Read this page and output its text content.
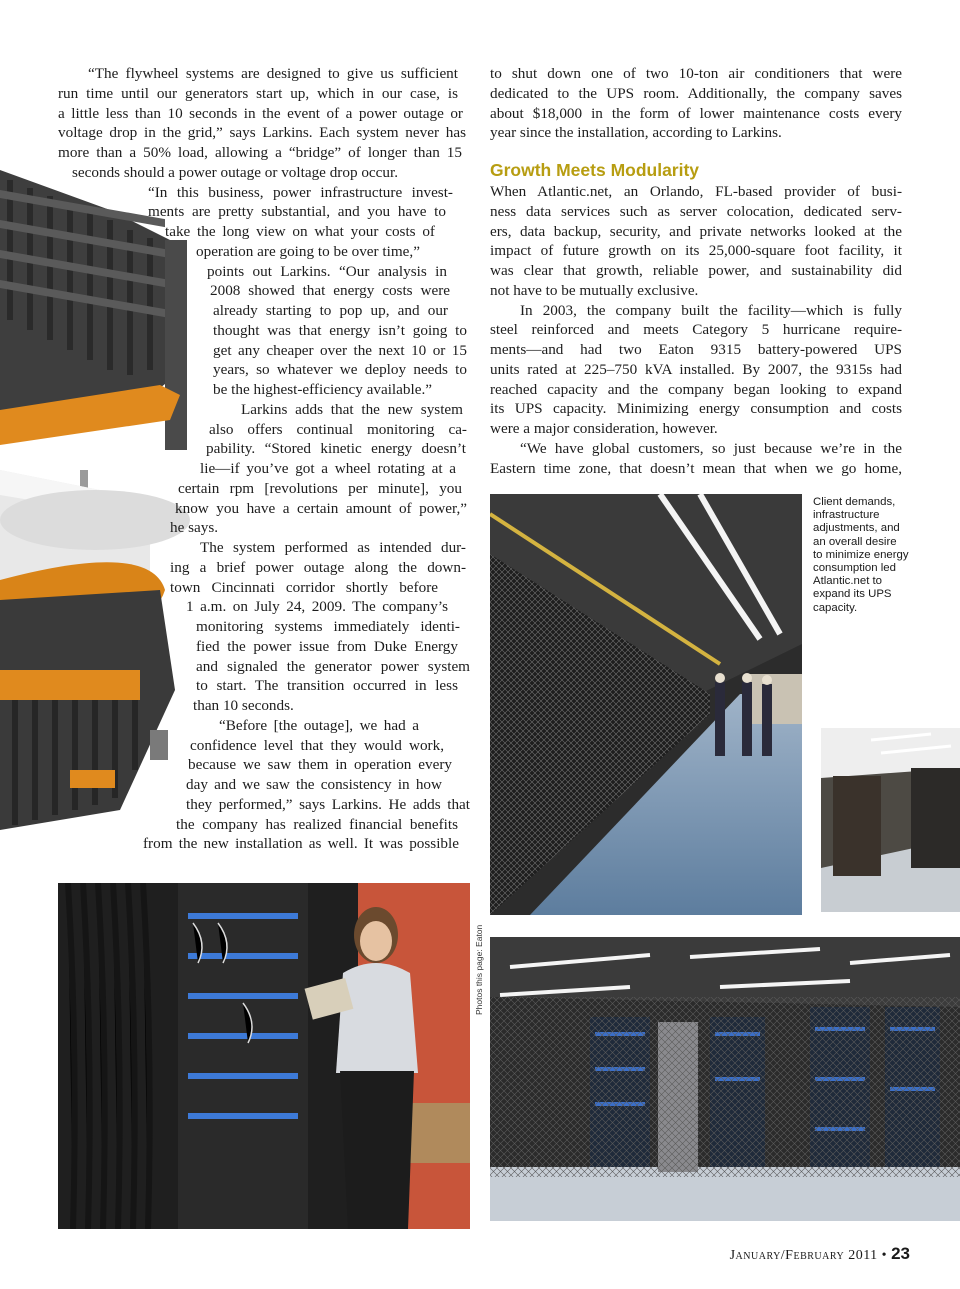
“The flywheel systems are designed to give us sufficient

run time until our generators start up, which in our case, is

a little less than 10 seconds in the event of a power outage or

voltage drop in the grid,” says Larkins. Each system never has

more than a 50% load, allowing a “bridge” of longer than 15

seconds should a power outage or voltage drop occur.

“In this business, power infrastructure invest-

ments are pretty substantial, and you have to

take the long view on what your costs of

operation are going to be over time,”

points out Larkins. “Our analysis in

2008 showed that energy costs were

already starting to pop up, and our

thought was that energy isn’t going to

get any cheaper over the next 10 or 15

years, so whatever we deploy needs to

be the highest-efficiency available.”

Larkins adds that the new system

also offers continual monitoring ca-

pability. “Stored kinetic energy doesn’t

lie—if you’ve got a wheel rotating at a

certain rpm [revolutions per minute], you

know you have a certain amount of power,”

he says.

The system performed as intended dur-

ing a brief power outage along the down-

town Cincinnati corridor shortly before

1 a.m. on July 24, 2009. The company’s

monitoring systems immediately identi-

fied the power issue from Duke Energy

and signaled the generator power system

to start. The transition occurred in less

than 10 seconds.

“Before [the outage], we had a

confidence level that they would work,

because we saw them in operation every

day and we saw the consistency in how

they performed,” says Larkins. He adds that

the company has realized financial benefits

from the new installation as well. It was possible

to shut down one of two 10-ton air conditioners that were

dedicated to the UPS room. Additionally, the company saves

about $18,000 in the form of lower maintenance costs every

year since the installation, according to Larkins.

Growth Meets Modularity

When Atlantic.net, an Orlando, FL-based provider of busi-

ness data services such as server colocation, dedicated serv-

ers, data backup, security, and private networks looked at the

impact of future growth on its 25,000-square foot facility, it

was clear that growth, reliable power, and sustainability did

not have to be mutually exclusive.

In 2003, the company built the facility—which is fully

steel reinforced and meets Category 5 hurricane require-

ments—and had two Eaton 9315 battery-powered UPS

units rated at 225–750 kVA installed. By 2007, the 9315s had

reached capacity and the company began looking to expand

its UPS capacity. Minimizing energy consumption and costs

were a major consideration, however.

“We have global customers, so just because we’re in the

Eastern time zone, that doesn’t mean that when we go home,

Client demands,
infrastructure
adjustments, and
an overall desire
to minimize energy
consumption led
Atlantic.net to
expand its UPS
capacity.
Photos this page: Eaton
January/February 2011 • 23
